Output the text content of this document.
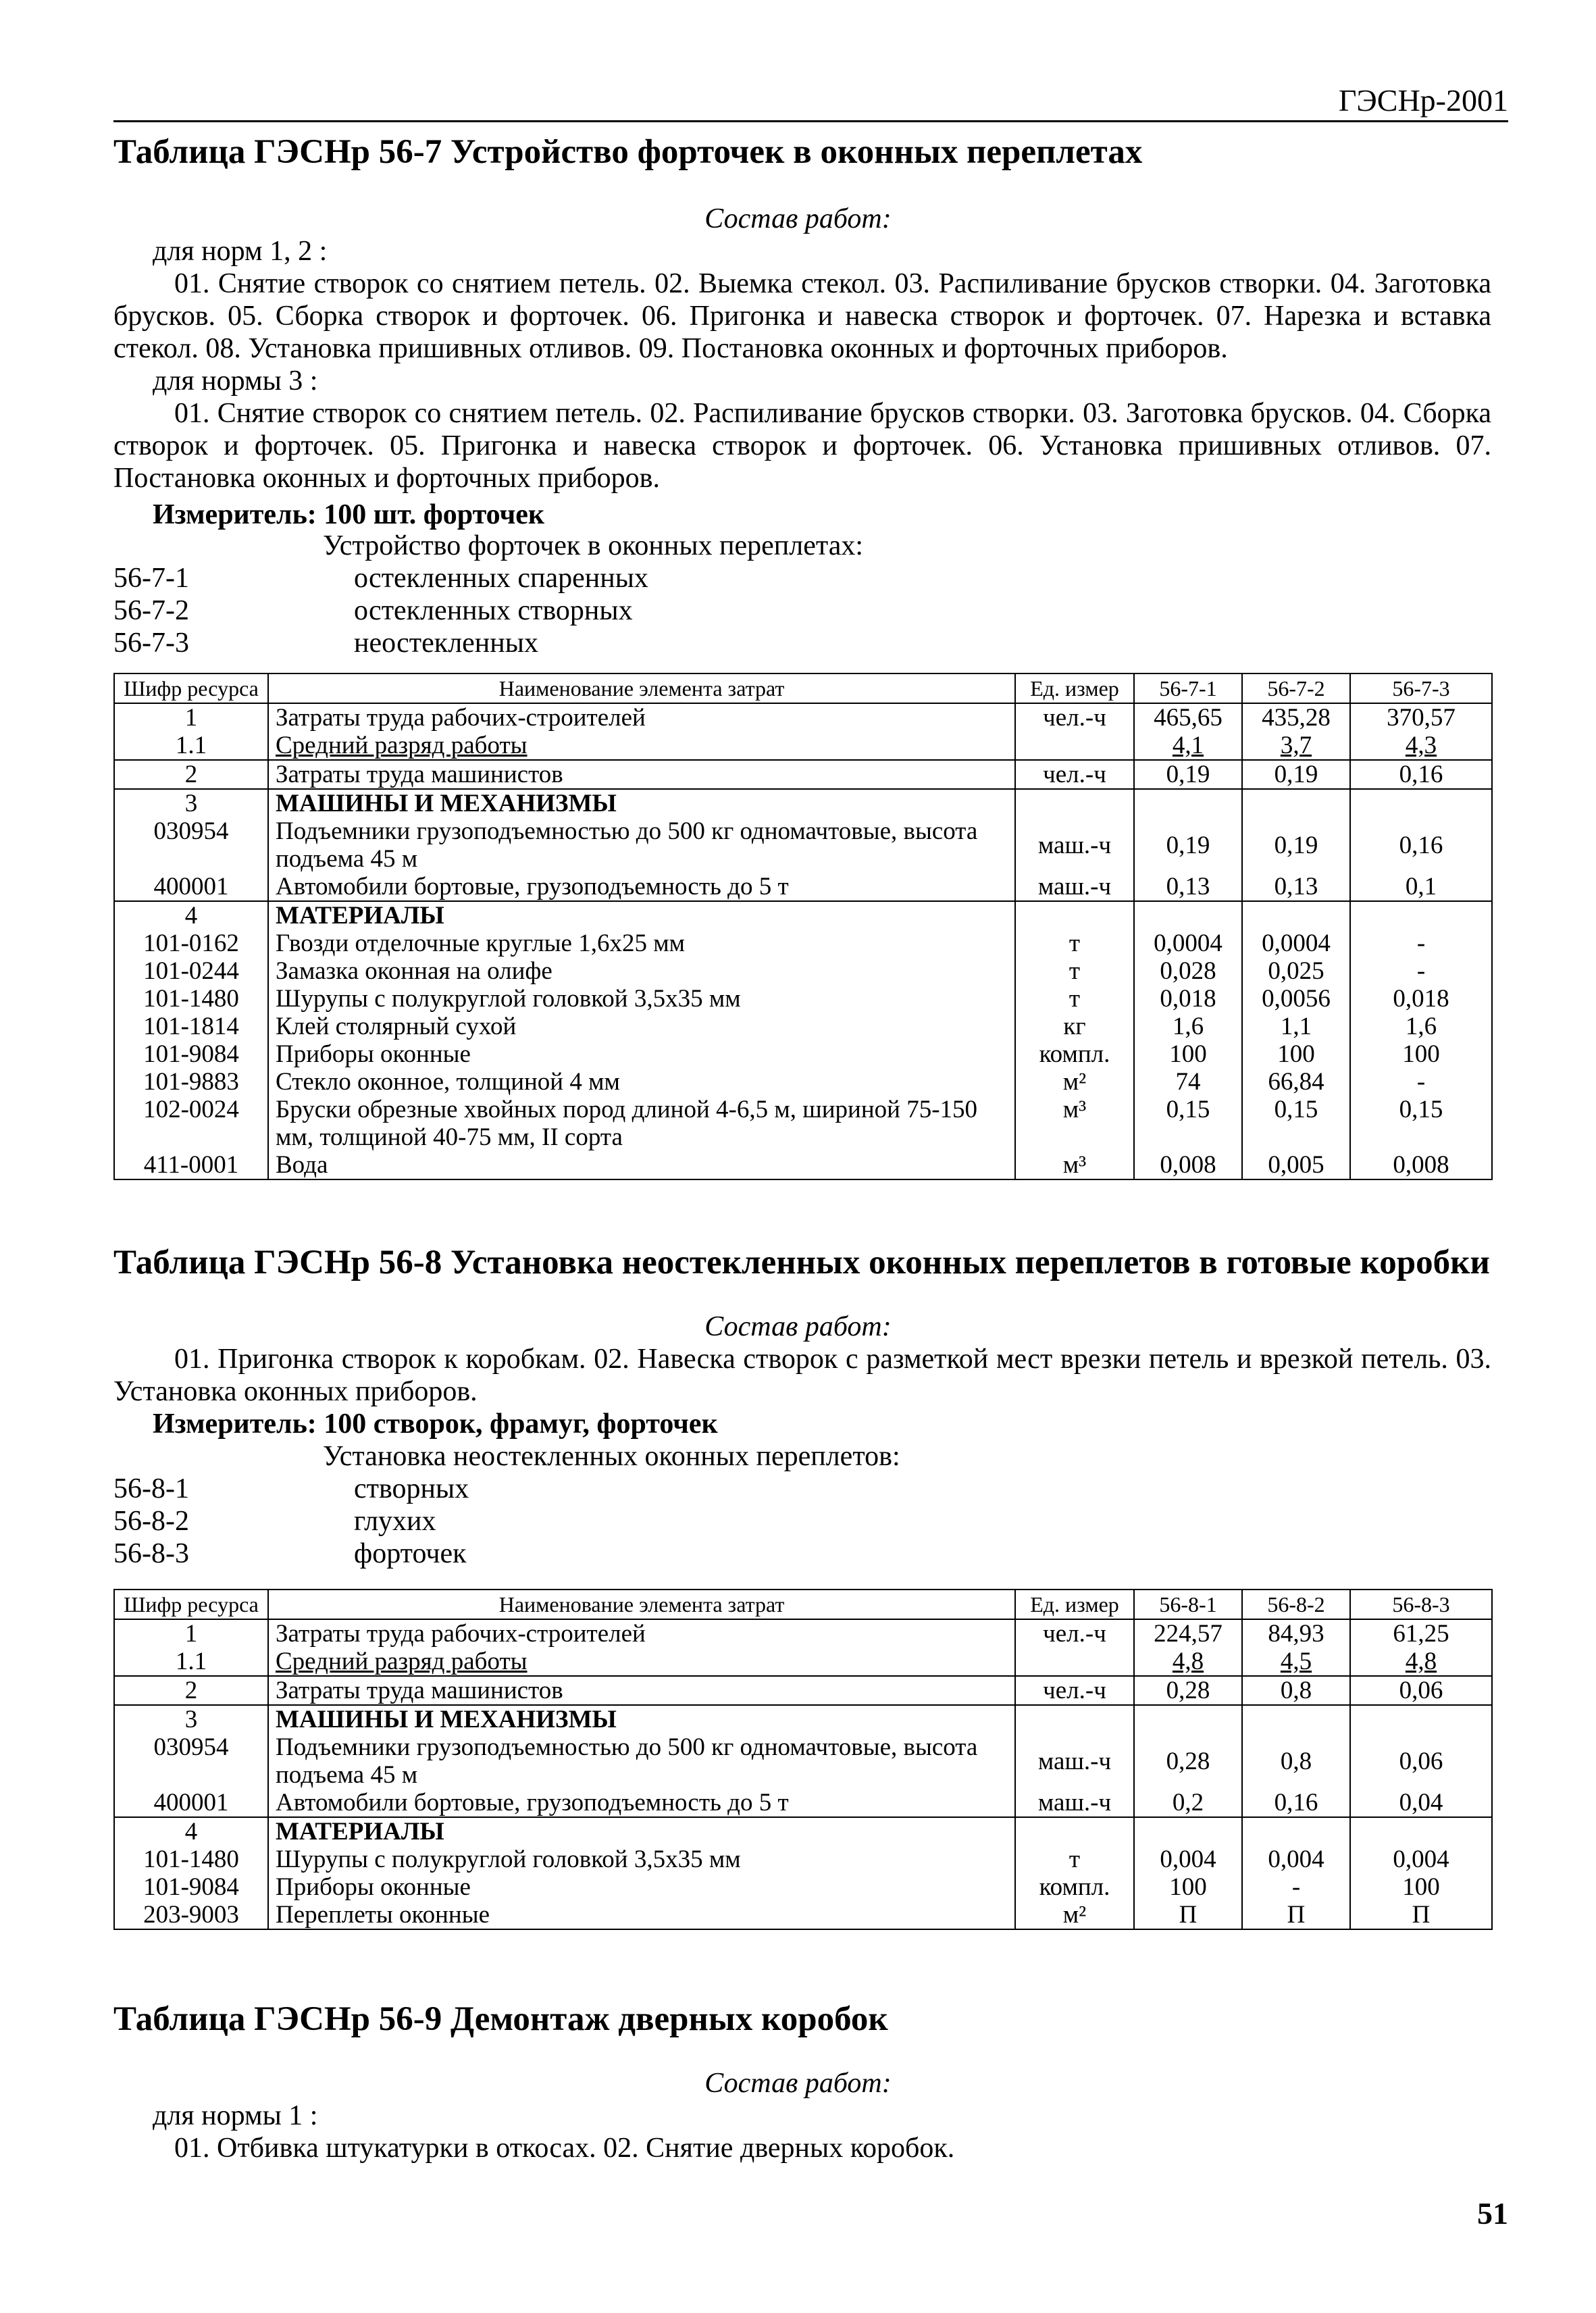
ГЭСНр-2001
Таблица ГЭСНр 56-7 Устройство форточек в оконных переплетах
Состав работ:

для норм 1, 2 :

01. Снятие створок со снятием петель. 02. Выемка стекол. 03. Распиливание брусков створки. 04. Заготовка брусков. 05. Сборка створок и форточек. 06. Пригонка и навеска створок и форточек. 07. Нарезка и вставка стекол. 08. Установка пришивных отливов. 09. Постановка оконных и форточных приборов.

для нормы 3 :

01. Снятие створок со снятием петель. 02. Распиливание брусков створки. 03. Заготовка брусков. 04. Сборка створок и форточек. 05. Пригонка и навеска створок и форточек. 06. Установка пришивных отливов. 07. Постановка оконных и форточных приборов.

Измеритель: 100 шт. форточек
Устройство форточек в оконных переплетах:
56-7-1	остекленных спаренных
56-7-2	остекленных створных
56-7-3	неостекленных
Шифр ресурса	Наименование элемента затрат	Ед. измер	56-7-1	56-7-2	56-7-3
1	Затраты труда рабочих-строителей	чел.-ч	465,65	435,28	370,57
1.1	Средний разряд работы		4,1	3,7	4,3
2	Затраты труда машинистов	чел.-ч	0,19	0,19	0,16
3	МАШИНЫ И МЕХАНИЗМЫ				
030954	Подъемники грузоподъемностью до 500 кг одномачтовые, высота подъема 45 м	маш.-ч	0,19	0,19	0,16
400001	Автомобили бортовые, грузоподъемность до 5 т	маш.-ч	0,13	0,13	0,1
4	МАТЕРИАЛЫ				
101-0162	Гвозди отделочные круглые 1,6х25 мм	т	0,0004	0,0004	-
101-0244	Замазка оконная на олифе	т	0,028	0,025	-
101-1480	Шурупы с полукруглой головкой 3,5х35 мм	т	0,018	0,0056	0,018
101-1814	Клей столярный сухой	кг	1,6	1,1	1,6
101-9084	Приборы оконные	компл.	100	100	100
101-9883	Стекло оконное, толщиной 4 мм	м²	74	66,84	-
102-0024	Бруски обрезные хвойных пород длиной 4-6,5 м, шириной 75-150 мм, толщиной 40-75 мм, II сорта	м³	0,15	0,15	0,15
411-0001	Вода	м³	0,008	0,005	0,008
Таблица ГЭСНр 56-8 Установка неостекленных оконных переплетов в готовые коробки
Состав работ:

01. Пригонка створок к коробкам. 02. Навеска створок с разметкой мест врезки петель и врезкой петель. 03. Установка оконных приборов.

Измеритель: 100 створок, фрамуг, форточек
Установка неостекленных оконных переплетов:
56-8-1	створных
56-8-2	глухих
56-8-3	форточек
Шифр ресурса	Наименование элемента затрат	Ед. измер	56-8-1	56-8-2	56-8-3
1	Затраты труда рабочих-строителей	чел.-ч	224,57	84,93	61,25
1.1	Средний разряд работы		4,8	4,5	4,8
2	Затраты труда машинистов	чел.-ч	0,28	0,8	0,06
3	МАШИНЫ И МЕХАНИЗМЫ				
030954	Подъемники грузоподъемностью до 500 кг одномачтовые, высота подъема 45 м	маш.-ч	0,28	0,8	0,06
400001	Автомобили бортовые, грузоподъемность до 5 т	маш.-ч	0,2	0,16	0,04
4	МАТЕРИАЛЫ				
101-1480	Шурупы с полукруглой головкой 3,5х35 мм	т	0,004	0,004	0,004
101-9084	Приборы оконные	компл.	100	-	100
203-9003	Переплеты оконные	м²	П	П	П
Таблица ГЭСНр 56-9 Демонтаж дверных коробок
Состав работ:

для нормы 1 :

01. Отбивка штукатурки в откосах. 02. Снятие дверных коробок.

51
